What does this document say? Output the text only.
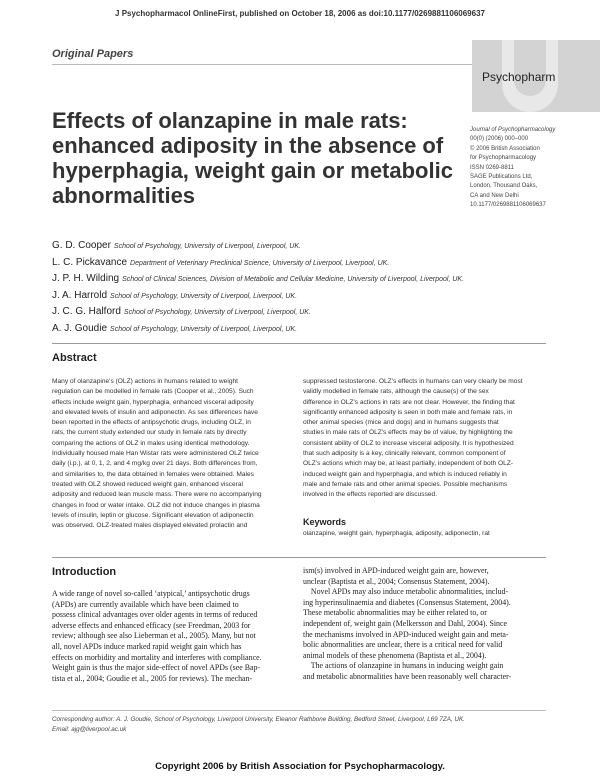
J Psychopharmacol OnlineFirst, published on October 18, 2006 as doi:10.1177/0269881106069637
Original Papers
Psychopharm
Effects of olanzapine in male rats: enhanced adiposity in the absence of hyperphagia, weight gain or metabolic abnormalities
Journal of Psychopharmacology
00(0) (2006) 000–000
© 2006 British Association
for Psychopharmacology
ISSN 0269-8811
SAGE Publications Ltd,
London, Thousand Oaks,
CA and New Delhi
10.1177/0269881106069637
G. D. Cooper School of Psychology, University of Liverpool, Liverpool, UK.
L. C. Pickavance Department of Veterinary Preclinical Science, University of Liverpool, Liverpool, UK.
J. P. H. Wilding School of Clinical Sciences, Division of Metabolic and Cellular Medicine, University of Liverpool, Liverpool, UK.
J. A. Harrold School of Psychology, University of Liverpool, Liverpool, UK.
J. C. G. Halford School of Psychology, University of Liverpool, Liverpool, UK.
A. J. Goudie School of Psychology, University of Liverpool, Liverpool, UK.
Abstract
Many of olanzapine's (OLZ) actions in humans related to weight
regulation can be modelled in female rats (Cooper et al., 2005). Such
effects include weight gain, hyperphagia, enhanced visceral adiposity
and elevated levels of insulin and adiponectin. As sex differences have
been reported in the effects of antipsychotic drugs, including OLZ, in
rats, the current study extended our study in female rats by directly
comparing the actions of OLZ in males using identical methodology.
Individually housed male Han Wistar rats were administered OLZ twice
daily (i.p.), at 0, 1, 2, and 4 mg/kg over 21 days. Both differences from,
and similarities to, the data obtained in females were obtained. Males
treated with OLZ showed reduced weight gain, enhanced visceral
adiposity and reduced lean muscle mass. There were no accompanying
changes in food or water intake. OLZ did not induce changes in plasma
levels of insulin, leptin or glucose. Significant elevation of adiponectin
was observed. OLZ-treated males displayed elevated prolactin and
suppressed testosterone. OLZ's effects in humans can very clearly be most
validly modelled in female rats, although the cause(s) of the sex
difference in OLZ's actions in rats are not clear. However, the finding that
significantly enhanced adiposity is seen in both male and female rats, in
other animal species (mice and dogs) and in humans suggests that
studies in male rats of OLZ's effects may be of value, by highlighting the
consistent ability of OLZ to increase visceral adiposity. It is hypothesized
that such adiposity is a key, clinically relevant, common component of
OLZ's actions which may be, at least partially, independent of both OLZ-
induced weight gain and hyperphagia, and which is induced reliably in
male and female rats and other animal species. Possible mechanisms
involved in the effects reported are discussed.
Keywords
olanzapine, weight gain, hyperphagia, adiposity, adiponectin, rat
Introduction
A wide range of novel so-called ‘atypical,’ antipsychotic drugs
(APDs) are currently available which have been claimed to
possess clinical advantages over older agents in terms of reduced
adverse effects and enhanced efficacy (see Freedman, 2003 for
review; although see also Lieberman et al., 2005). Many, but not
all, novel APDs induce marked rapid weight gain which has
effects on morbidity and mortality and interferes with compliance.
Weight gain is thus the major side-effect of novel APDs (see Bap-
tista et al., 2004; Goudie et al., 2005 for reviews). The mechan-
ism(s) involved in APD-induced weight gain are, however,
unclear (Baptista et al., 2004; Consensus Statement, 2004).
Novel APDs may also induce metabolic abnormalities, includ-
ing hyperinsulinaemia and diabetes (Consensus Statement, 2004).
These metabolic abnormalities may be either related to, or
independent of, weight gain (Melkersson and Dahl, 2004). Since
the mechanisms involved in APD-induced weight gain and meta-
bolic abnormalities are unclear, there is a critical need for valid
animal models of these phenomena (Baptista et al., 2004).
The actions of olanzapine in humans in inducing weight gain
and metabolic abnormalities have been reasonably well character-
Corresponding author: A. J. Goudie, School of Psychology, Liverpool University, Eleanor Rathbone Building, Bedford Street, Liverpool, L69 7ZA, UK.
Email: ajg@liverpool.ac.uk
Copyright 2006 by British Association for Psychopharmacology.
